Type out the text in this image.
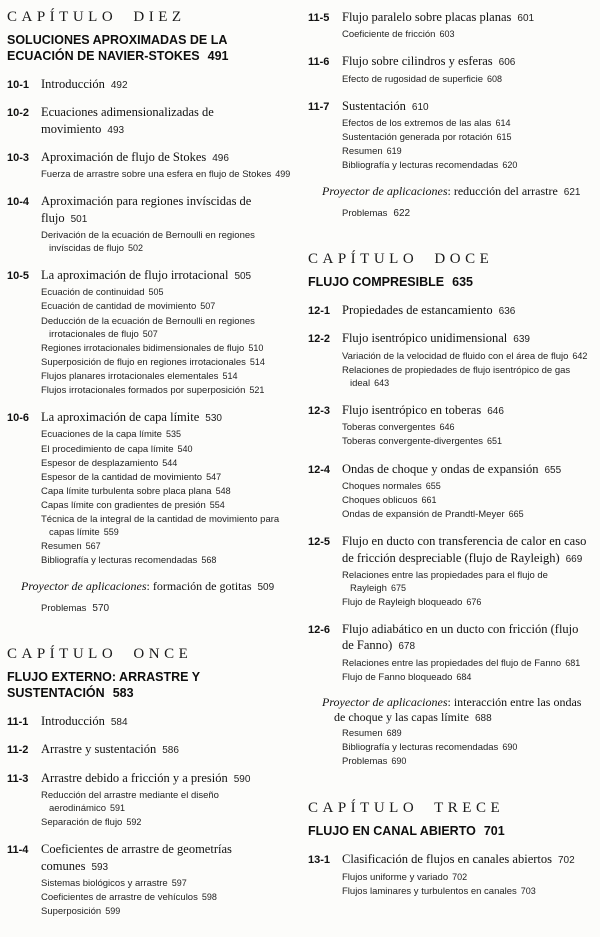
CAPÍTULO DIEZ
SOLUCIONES APROXIMADAS DE LA ECUACIÓN DE NAVIER-STOKES 491
10-1 Introducción 492
10-2 Ecuaciones adimensionalizadas de movimiento 493
10-3 Aproximación de flujo de Stokes 496
Fuerza de arrastre sobre una esfera en flujo de Stokes 499
10-4 Aproximación para regiones invíscidas de flujo 501
Derivación de la ecuación de Bernoulli en regiones invíscidas de flujo 502
10-5 La aproximación de flujo irrotacional 505
Ecuación de continuidad 505
Ecuación de cantidad de movimiento 507
Deducción de la ecuación de Bernoulli en regiones irrotacionales de flujo 507
Regiones irrotacionales bidimensionales de flujo 510
Superposición de flujo en regiones irrotacionales 514
Flujos planares irrotacionales elementales 514
Flujos irrotacionales formados por superposición 521
10-6 La aproximación de capa límite 530
Ecuaciones de la capa límite 535
El procedimiento de capa límite 540
Espesor de desplazamiento 544
Espesor de la cantidad de movimiento 547
Capa límite turbulenta sobre placa plana 548
Capas límite con gradientes de presión 554
Técnica de la integral de la cantidad de movimiento para capas límite 559
Resumen 567
Bibliografía y lecturas recomendadas 568
Proyector de aplicaciones: formación de gotitas 509
Problemas 570
CAPÍTULO ONCE
FLUJO EXTERNO: ARRASTRE Y SUSTENTACIÓN 583
11-1 Introducción 584
11-2 Arrastre y sustentación 586
11-3 Arrastre debido a fricción y a presión 590
Reducción del arrastre mediante el diseño aerodinámico 591
Separación de flujo 592
11-4 Coeficientes de arrastre de geometrías comunes 593
Sistemas biológicos y arrastre 597
Coeficientes de arrastre de vehículos 598
Superposición 599
11-5 Flujo paralelo sobre placas planas 601
Coeficiente de fricción 603
11-6 Flujo sobre cilindros y esferas 606
Efecto de rugosidad de superficie 608
11-7 Sustentación 610
Efectos de los extremos de las alas 614
Sustentación generada por rotación 615
Resumen 619
Bibliografía y lecturas recomendadas 620
Proyector de aplicaciones: reducción del arrastre 621
Problemas 622
CAPÍTULO DOCE
FLUJO COMPRESIBLE 635
12-1 Propiedades de estancamiento 636
12-2 Flujo isentrópico unidimensional 639
Variación de la velocidad de fluido con el área de flujo 642
Relaciones de propiedades de flujo isentrópico de gas ideal 643
12-3 Flujo isentrópico en toberas 646
Toberas convergentes 646
Toberas convergente-divergentes 651
12-4 Ondas de choque y ondas de expansión 655
Choques normales 655
Choques oblicuos 661
Ondas de expansión de Prandtl-Meyer 665
12-5 Flujo en ducto con transferencia de calor en caso de fricción despreciable (flujo de Rayleigh) 669
Relaciones entre las propiedades para el flujo de Rayleigh 675
Flujo de Rayleigh bloqueado 676
12-6 Flujo adiabático en un ducto con fricción (flujo de Fanno) 678
Relaciones entre las propiedades del flujo de Fanno 681
Flujo de Fanno bloqueado 684
Proyector de aplicaciones: interacción entre las ondas de choque y las capas límite 688
Resumen 689
Bibliografía y lecturas recomendadas 690
Problemas 690
CAPÍTULO TRECE
FLUJO EN CANAL ABIERTO 701
13-1 Clasificación de flujos en canales abiertos 702
Flujos uniforme y variado 702
Flujos laminares y turbulentos en canales 703
